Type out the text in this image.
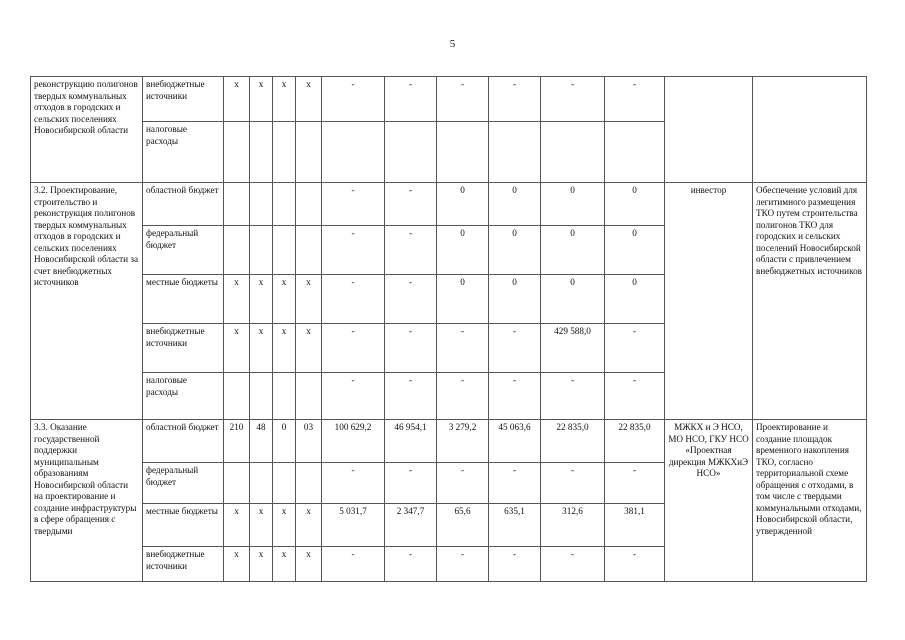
5
реконструкцию полигонов твердых коммунальных отходов в городских и сельских поселениях Новосибирской области	внебюджетные источники	х	х	х	х	-	-	-	-	-	-		
	налоговые расходы												
3.2. Проектирование, строительство и реконструкция полигонов твердых коммунальных отходов в городских и сельских поселениях Новосибирской области за счет внебюджетных источников	областной бюджет					-	-	0	0	0	0	инвестор	Обеспечение условий для легитимного размещения ТКО путем строительства полигонов ТКО для городских и сельских поселений Новосибирской области с привлечением внебюджетных источников
	федеральный бюджет					-	-	0	0	0	0		
	местные бюджеты	х	х	х	х	-	-	0	0	0	0		
	внебюджетные источники	х	х	х	х	-	-	-	-	429 588,0	-		
	налоговые расходы					-	-	-	-	-	-		
3.3. Оказание государственной поддержки муниципальным образованиям Новосибирской области на проектирование и создание инфраструктуры в сфере обращения с твердыми	областной бюджет	210	48	0	03	100 629,2	46 954,1	3 279,2	45 063,6	22 835,0	22 835,0	МЖКХ и Э НСО, МО НСО, ГКУ НСО «Проектная дирекция МЖКХиЭ НСО»	Проектирование и создание площадок временного накопления ТКО, согласно территориальной схеме обращения с отходами, в том числе с твердыми коммунальными отходами, Новосибирской области, утвержденной
	федеральный бюджет					-	-	-	-	-	-		
	местные бюджеты	х	х	х	х	5 031,7	2 347,7	65,6	635,1	312,6	381,1		
	внебюджетные источники	х	х	х	х	-	-	-	-	-	-		
